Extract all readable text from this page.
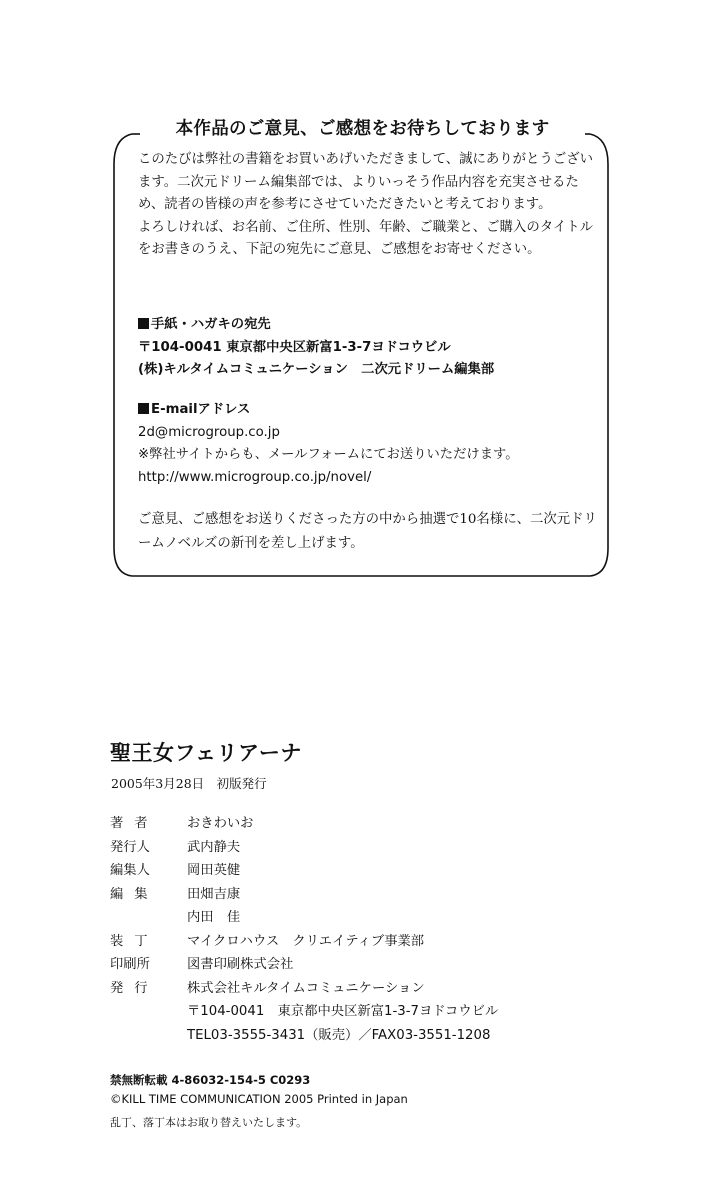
本作品のご意見、ご感想をお待ちしております

このたびは弊社の書籍をお買いあげいただきまして、誠にありがとうございます。二次元ドリーム編集部では、よりいっそう作品内容を充実させるため、読者の皆様の声を参考にさせていただきたいと考えております。

よろしければ、お名前、ご住所、性別、年齢、ご職業と、ご購入のタイトルをお書きのうえ、下記の宛先にご意見、ご感想をお寄せください。

手紙・ハガキの宛先
〒104-0041 東京都中央区新富1-3-7ヨドコウビル
(株)キルタイムコミュニケーション　二次元ドリーム編集部
E-mailアドレス
2d@microgroup.co.jp
※弊社サイトからも、メールフォームにてお送りいただけます。
http://www.microgroup.co.jp/novel/
ご意見、ご感想をお送りくださった方の中から抽選で10名様に、二次元ドリームノベルズの新刊を差し上げます。
聖王女フェリアーナ
2005年3月28日　初版発行
著者	おきわいお
発行人	武内静夫
編集人	岡田英健
編集	田畑吉康
内田　佳
装丁	マイクロハウス　クリエイティブ事業部
印刷所	図書印刷株式会社
発行	株式会社キルタイムコミュニケーション
〒104-0041　東京都中央区新富1-3-7ヨドコウビル
TEL03-3555-3431（販売）／FAX03-3551-1208
禁無断転載 4-86032-154-5 C0293
©KILL TIME COMMUNICATION 2005 Printed in Japan
乱丁、落丁本はお取り替えいたします。
